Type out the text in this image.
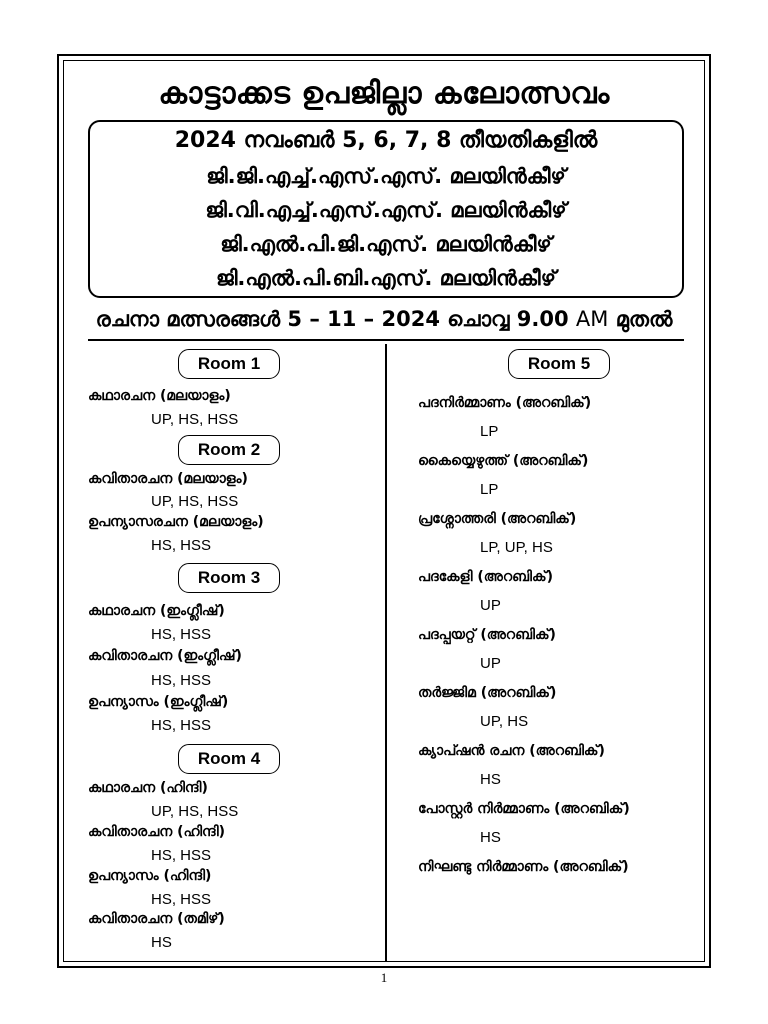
കാട്ടാക്കട ഉപജില്ലാ കലോത്സവം
2024 നവംബർ 5, 6, 7, 8 തീയതികളിൽ
ജി.ജി.എച്ച്.എസ്.എസ്. മലയിൻകീഴ്
ജി.വി.എച്ച്.എസ്.എസ്. മലയിൻകീഴ്
ജി.എൽ.പി.ജി.എസ്. മലയിൻകീഴ്
ജി.എൽ.പി.ബി.എസ്. മലയിൻകീഴ്
രചനാ മത്സരങ്ങൾ 5 – 11 – 2024 ചൊവ്വ 9.00 AM മുതൽ
Room 1
കഥാരചന (മലയാളം)
UP, HS, HSS
Room 2
കവിതാരചന (മലയാളം)
UP, HS, HSS
ഉപന്യാസരചന (മലയാളം)
HS, HSS
Room 3
കഥാരചന (ഇംഗ്ലീഷ്)
HS, HSS
കവിതാരചന (ഇംഗ്ലീഷ്)
HS, HSS
ഉപന്യാസം (ഇംഗ്ലീഷ്)
HS, HSS
Room 4
കഥാരചന (ഹിന്ദി)
UP, HS, HSS
കവിതാരചന (ഹിന്ദി)
HS, HSS
ഉപന്യാസം (ഹിന്ദി)
HS, HSS
കവിതാരചന (തമിഴ്)
HS
Room 5
പദനിർമ്മാണം (അറബിക്)
LP
കൈയ്യെഴുത്ത് (അറബിക്)
LP
പ്രശ്നോത്തരി (അറബിക്)
LP, UP, HS
പദകേളി (അറബിക്)
UP
പദപ്പയറ്റ് (അറബിക്)
UP
തർജ്ജിമ (അറബിക്)
UP, HS
ക്യാപ്ഷൻ രചന (അറബിക്)
HS
പോസ്റ്റർ നിർമ്മാണം (അറബിക്)
HS
നിഘണ്ടു നിർമ്മാണം (അറബിക്)
1
